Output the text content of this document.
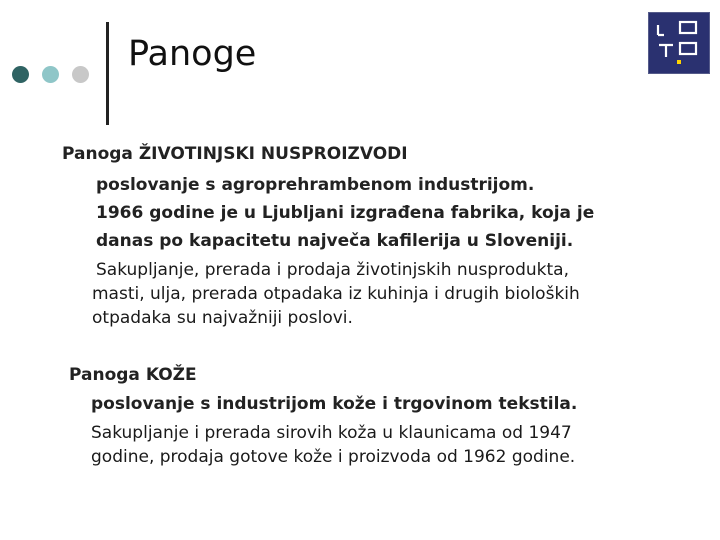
Panoge
Panoga ŽIVOTINJSKI NUSPROIZVODI
poslovanje s agroprehrambenom industrijom.
1966 godine je u Ljubljani izgrađena fabrika, koja je
danas po kapacitetu največa kafilerija u Sloveniji.
Sakupljanje, prerada i prodaja životinjskih nusprodukta,
masti, ulja, prerada otpadaka iz kuhinja i drugih bioloških
otpadaka su najvažniji poslovi.
Panoga KOŽE
poslovanje s industrijom kože i trgovinom tekstila.
Sakupljanje i prerada sirovih koža u klaunicama od 1947
godine, prodaja gotove kože i proizvoda od 1962 godine.
